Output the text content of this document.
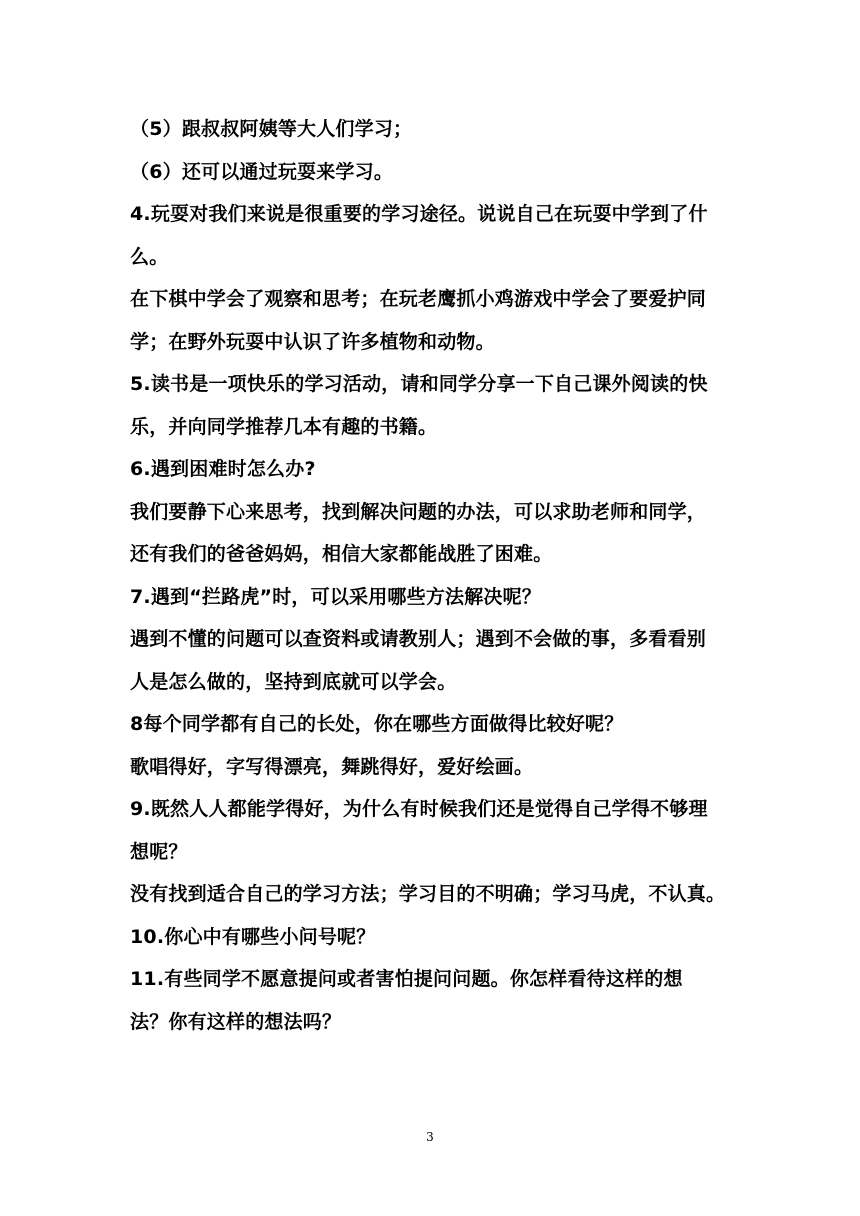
（5）跟叔叔阿姨等大人们学习；
（6）还可以通过玩耍来学习。
4.玩耍对我们来说是很重要的学习途径。说说自己在玩耍中学到了什
么。
在下棋中学会了观察和思考；在玩老鹰抓小鸡游戏中学会了要爱护同
学；在野外玩耍中认识了许多植物和动物。
5.读书是一项快乐的学习活动，请和同学分享一下自己课外阅读的快
乐，并向同学推荐几本有趣的书籍。
6.遇到困难时怎么办?
我们要静下心来思考，找到解决问题的办法，可以求助老师和同学，
还有我们的爸爸妈妈，相信大家都能战胜了困难。
7.遇到“拦路虎”时，可以采用哪些方法解决呢？
遇到不懂的问题可以查资料或请教别人；遇到不会做的事，多看看别
人是怎么做的，坚持到底就可以学会。
8每个同学都有自己的长处，你在哪些方面做得比较好呢？
歌唱得好，字写得漂亮，舞跳得好，爱好绘画。
9.既然人人都能学得好，为什么有时候我们还是觉得自己学得不够理
想呢？
没有找到适合自己的学习方法；学习目的不明确；学习马虎，不认真。
10.你心中有哪些小问号呢？
11.有些同学不愿意提问或者害怕提问问题。你怎样看待这样的想
法？你有这样的想法吗？
3
